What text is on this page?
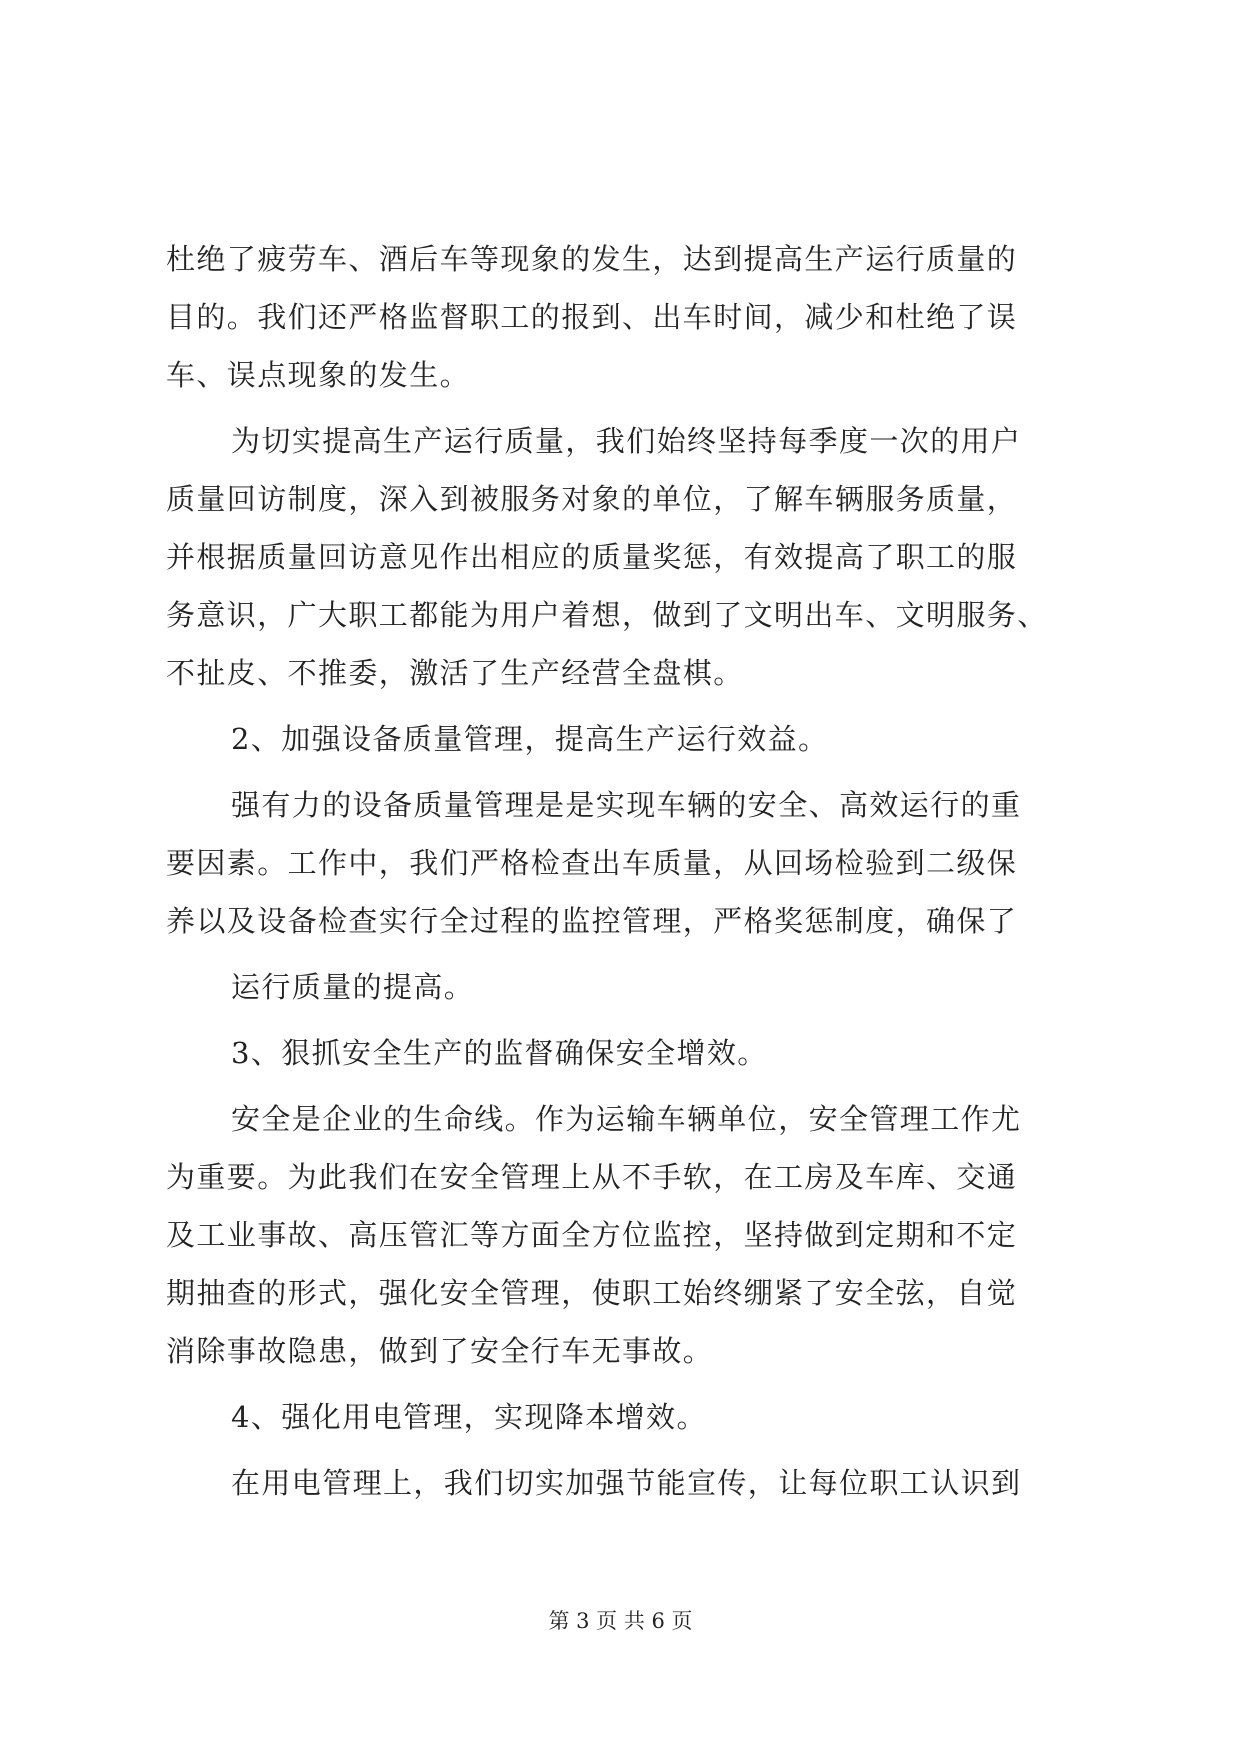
杜绝了疲劳车、酒后车等现象的发生，达到提高生产运行质量的

目的。我们还严格监督职工的报到、出车时间，减少和杜绝了误

车、误点现象的发生。

为切实提高生产运行质量，我们始终坚持每季度一次的用户

质量回访制度，深入到被服务对象的单位，了解车辆服务质量，

并根据质量回访意见作出相应的质量奖惩，有效提高了职工的服

务意识，广大职工都能为用户着想，做到了文明出车、文明服务、

不扯皮、不推委，激活了生产经营全盘棋。

2、加强设备质量管理，提高生产运行效益。

强有力的设备质量管理是是实现车辆的安全、高效运行的重

要因素。工作中，我们严格检查出车质量，从回场检验到二级保

养以及设备检查实行全过程的监控管理，严格奖惩制度，确保了

运行质量的提高。

3、狠抓安全生产的监督确保安全增效。

安全是企业的生命线。作为运输车辆单位，安全管理工作尤

为重要。为此我们在安全管理上从不手软，在工房及车库、交通

及工业事故、高压管汇等方面全方位监控，坚持做到定期和不定

期抽查的形式，强化安全管理，使职工始终绷紧了安全弦，自觉

消除事故隐患，做到了安全行车无事故。

4、强化用电管理，实现降本增效。

在用电管理上，我们切实加强节能宣传，让每位职工认识到

第 3 页 共 6 页
